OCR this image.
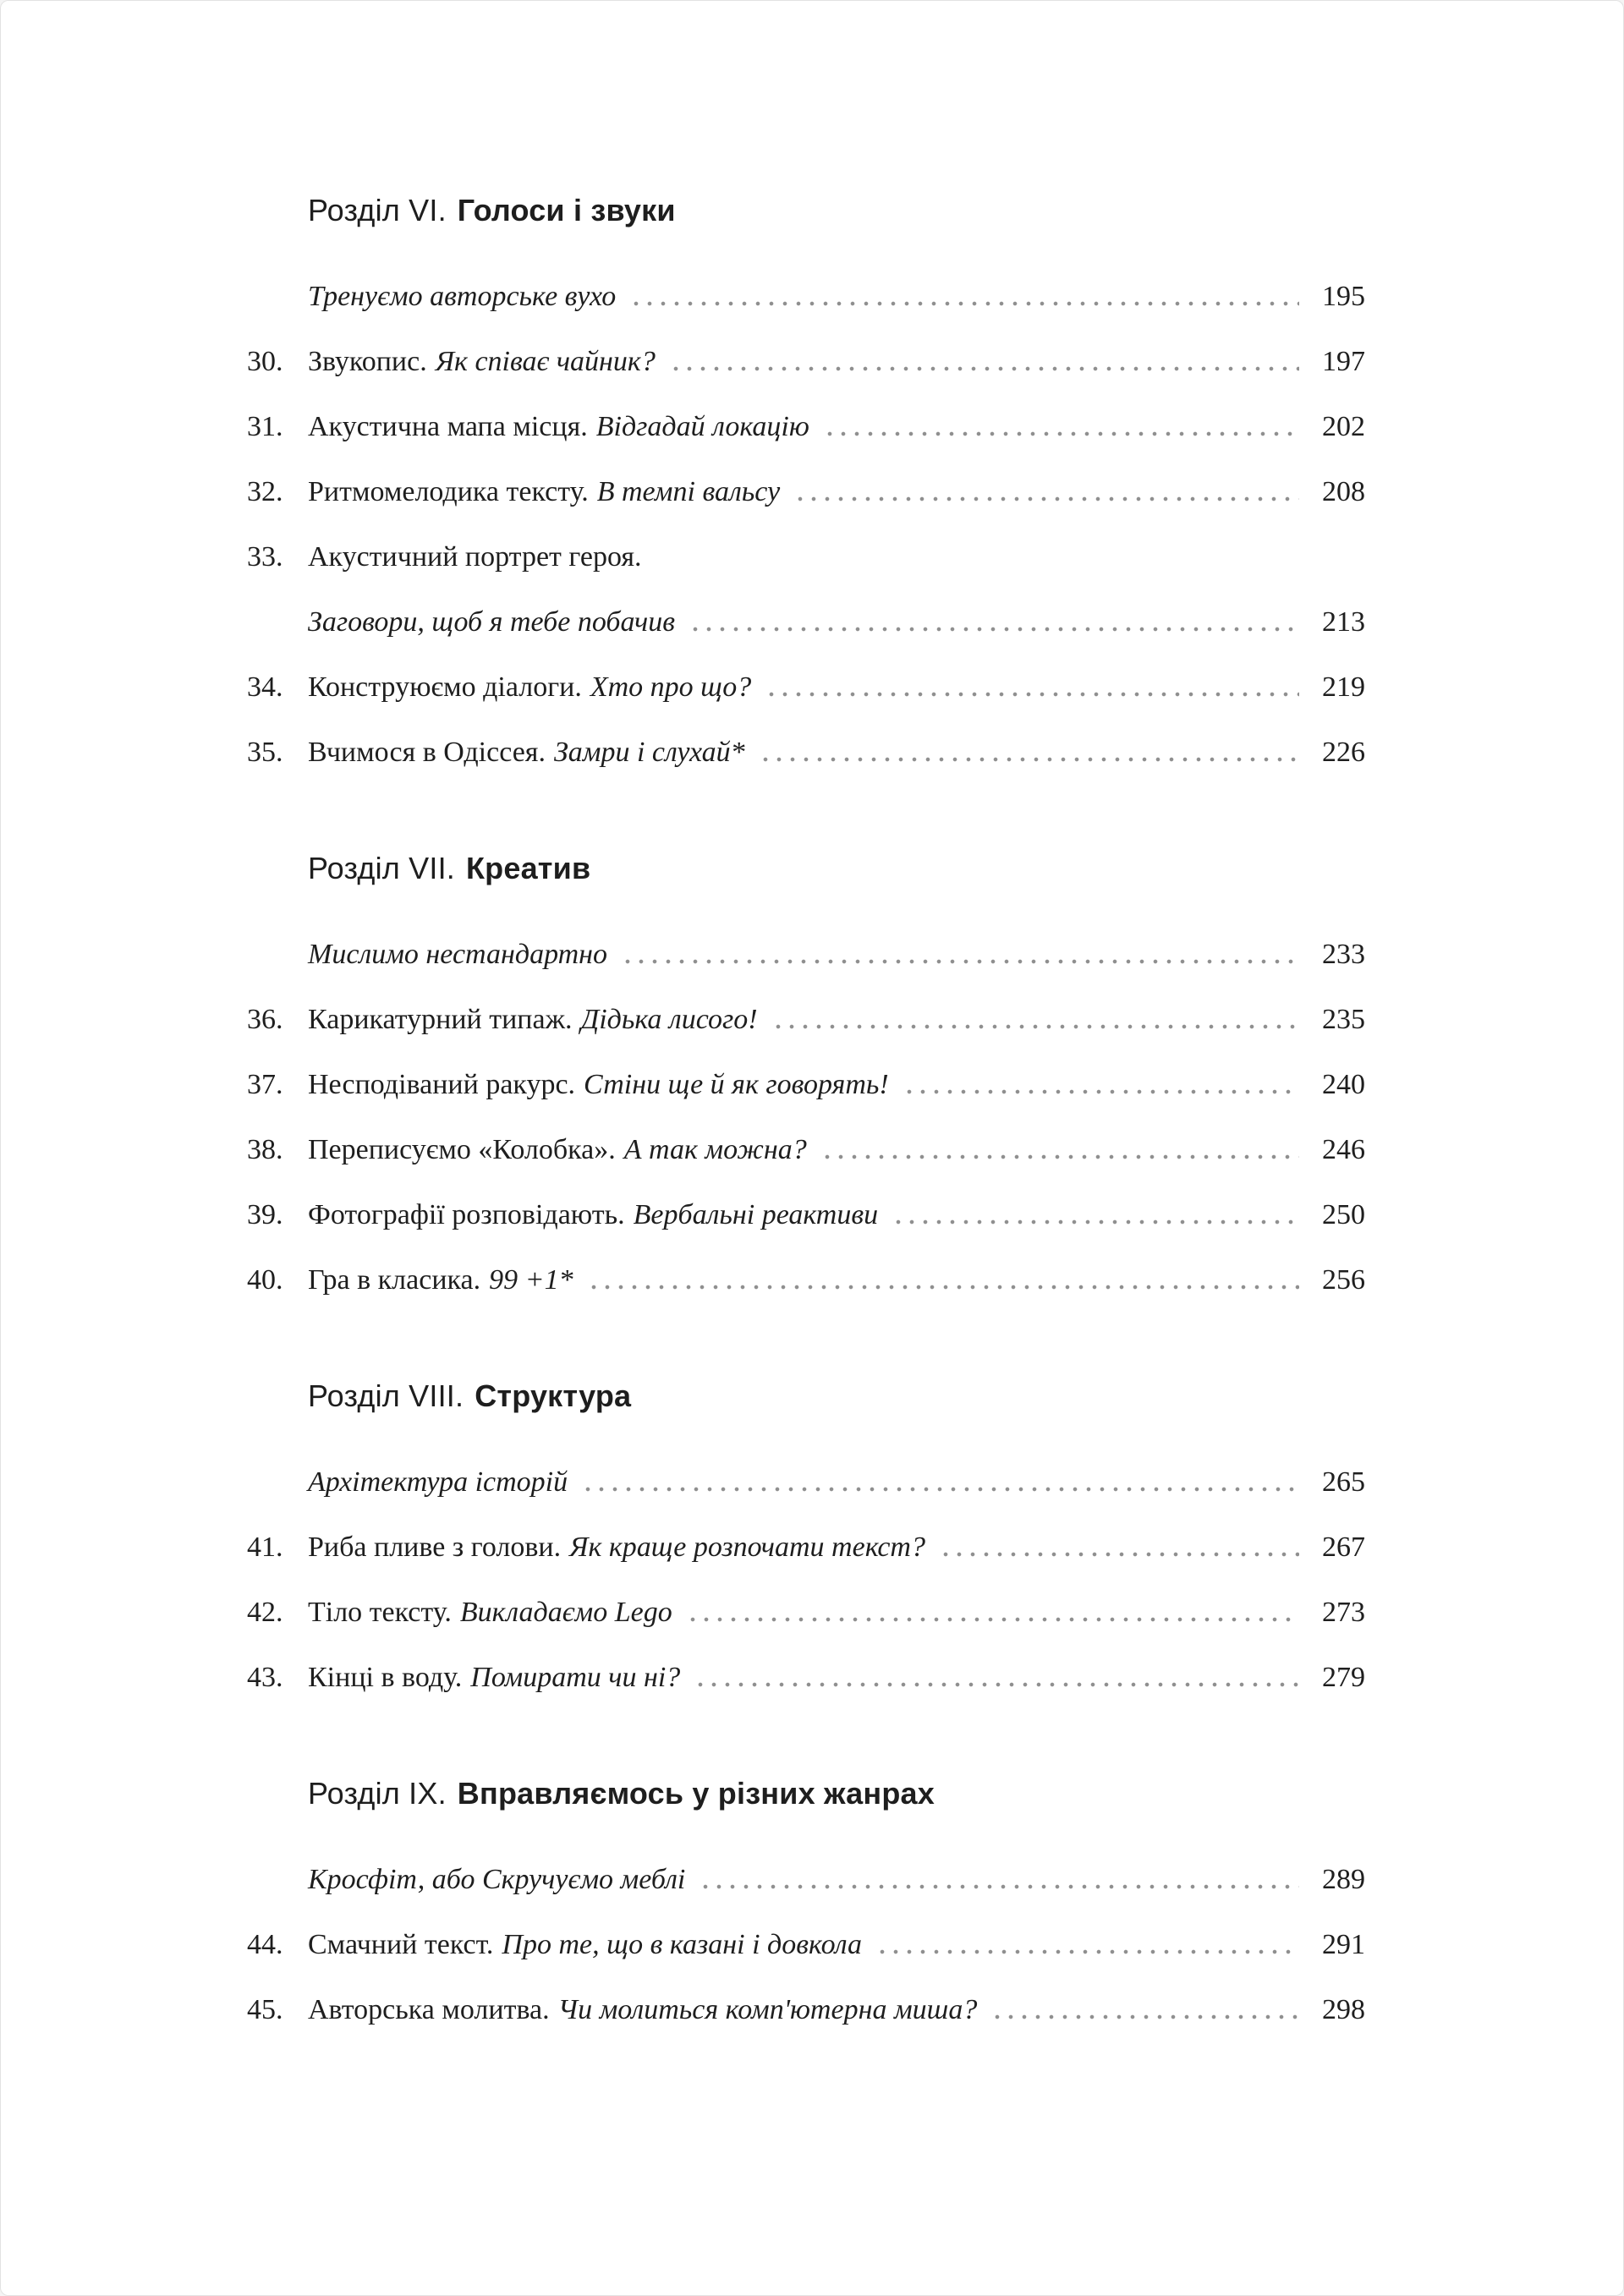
Розділ VI. Голоси і звуки
Тренуємо авторське вухо	195
30. Звукопис. Як співає чайник?	197
31. Акустична мапа місця. Відгадай локацію	202
32. Ритмомелодика тексту. В темпі вальсу	208
33. Акустичний портрет героя.
Заговори, щоб я тебе побачив	213
34. Конструюємо діалоги. Хто про що?	219
35. Вчимося в Одіссея. Замри і слухай*	226
Розділ VII. Креатив
Мислимо нестандартно	233
36. Карикатурний типаж. Дідька лисого!	235
37. Несподіваний ракурс. Стіни ще й як говорять!	240
38. Переписуємо «Колобка». А так можна?	246
39. Фотографії розповідають. Вербальні реактиви	250
40. Гра в класика. 99 +1*	256
Розділ VIII. Структура
Архітектура історій	265
41. Риба пливе з голови. Як краще розпочати текст?	267
42. Тіло тексту. Викладаємо Lego	273
43. Кінці в воду. Помирати чи ні?	279
Розділ IX. Вправляємось у різних жанрах
Кросфіт, або Скручуємо меблі	289
44. Смачний текст. Про те, що в казані і довкола	291
45. Авторська молитва. Чи молиться комп'ютерна миша?	298
